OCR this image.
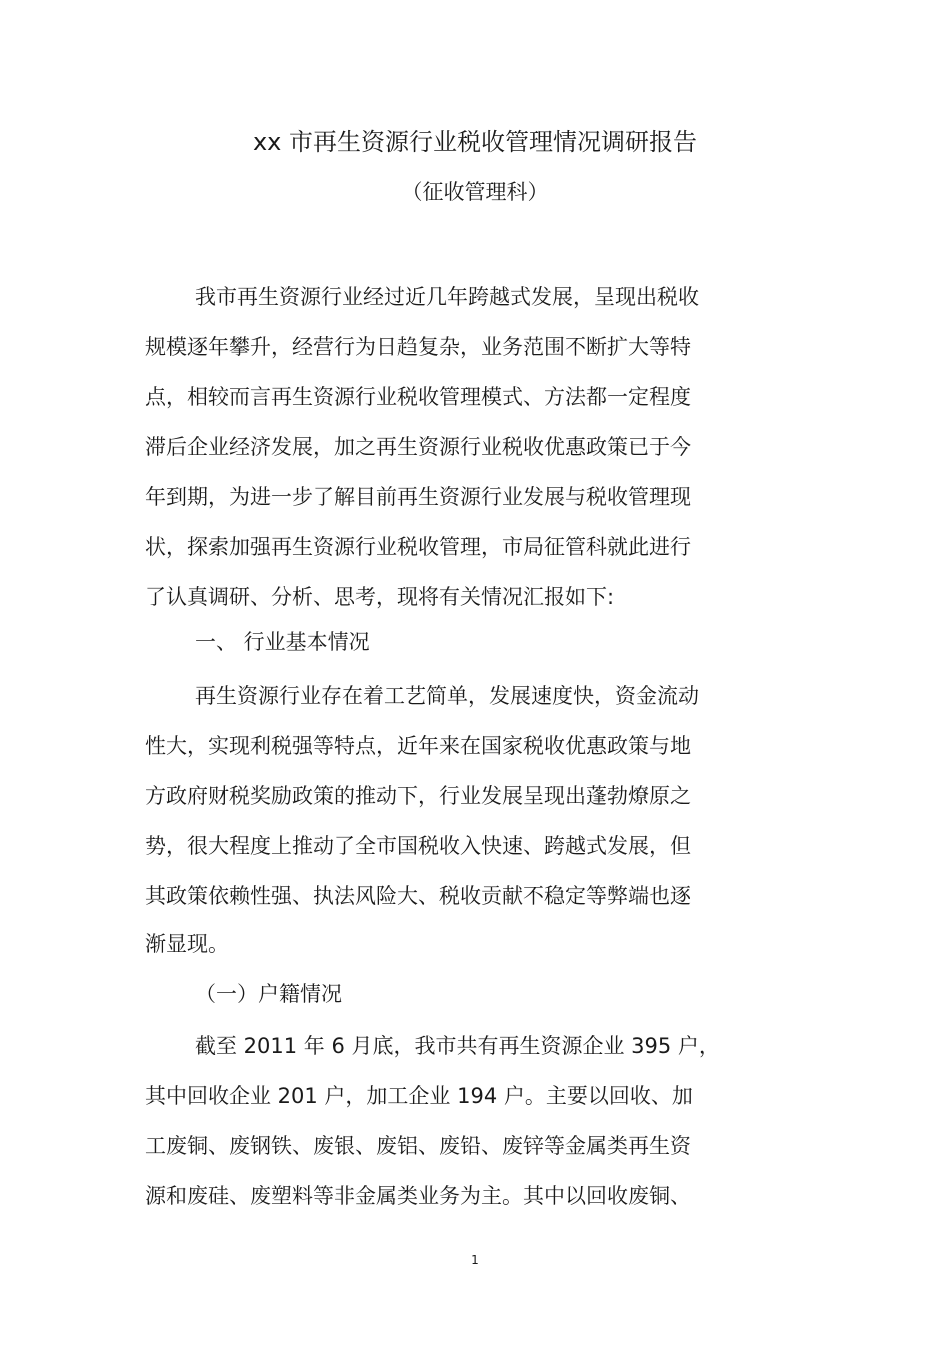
xx 市再生资源行业税收管理情况调研报告
（征收管理科）
我市再生资源行业经过近几年跨越式发展，呈现出税收
规模逐年攀升，经营行为日趋复杂，业务范围不断扩大等特
点，相较而言再生资源行业税收管理模式、方法都一定程度
滞后企业经济发展，加之再生资源行业税收优惠政策已于今
年到期，为进一步了解目前再生资源行业发展与税收管理现
状，探索加强再生资源行业税收管理，市局征管科就此进行
了认真调研、分析、思考，现将有关情况汇报如下:
一、 行业基本情况
再生资源行业存在着工艺简单，发展速度快，资金流动
性大，实现利税强等特点，近年来在国家税收优惠政策与地
方政府财税奖励政策的推动下，行业发展呈现出蓬勃燎原之
势，很大程度上推动了全市国税收入快速、跨越式发展，但
其政策依赖性强、执法风险大、税收贡献不稳定等弊端也逐
渐显现。
（一）户籍情况
截至 2011 年 6 月底，我市共有再生资源企业 395 户，
其中回收企业 201 户，加工企业 194 户。主要以回收、加
工废铜、废钢铁、废银、废铝、废铅、废锌等金属类再生资
源和废硅、废塑料等非金属类业务为主。其中以回收废铜、
1
